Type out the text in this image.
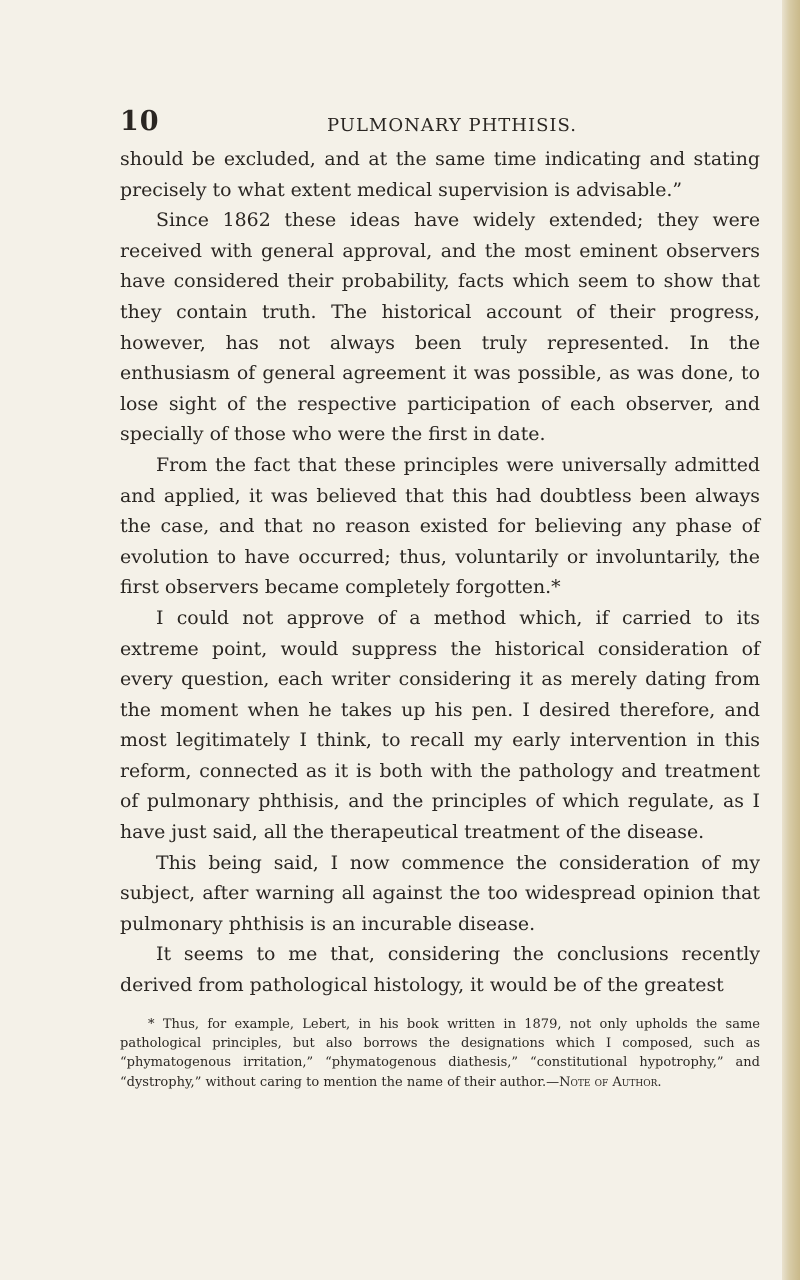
10	PULMONARY PHTHISIS.

should be excluded, and at the same time indicating and stating precisely to what extent medical supervision is advisable.”

Since 1862 these ideas have widely extended; they were received with general approval, and the most eminent observers have considered their probability, facts which seem to show that they contain truth. The historical account of their progress, however, has not always been truly represented. In the enthusiasm of general agreement it was possible, as was done, to lose sight of the respective participation of each observer, and specially of those who were the first in date.

From the fact that these principles were universally admitted and applied, it was believed that this had doubtless been always the case, and that no reason existed for believing any phase of evolution to have occurred; thus, voluntarily or involuntarily, the first observers became completely forgotten.*

I could not approve of a method which, if carried to its extreme point, would suppress the historical consideration of every question, each writer considering it as merely dating from the moment when he takes up his pen. I desired therefore, and most legitimately I think, to recall my early intervention in this reform, connected as it is both with the pathology and treatment of pulmonary phthisis, and the principles of which regulate, as I have just said, all the therapeutical treatment of the disease.

This being said, I now commence the consideration of my subject, after warning all against the too widespread opinion that pulmonary phthisis is an incurable disease.

It seems to me that, considering the conclusions recently derived from pathological histology, it would be of the greatest

* Thus, for example, Lebert, in his book written in 1879, not only upholds the same pathological principles, but also borrows the designations which I composed, such as “phymatogenous irritation,” “phymatogenous diathesis,” “constitutional hypotrophy,” and “dystrophy,” without caring to mention the name of their author.—Note of Author.
